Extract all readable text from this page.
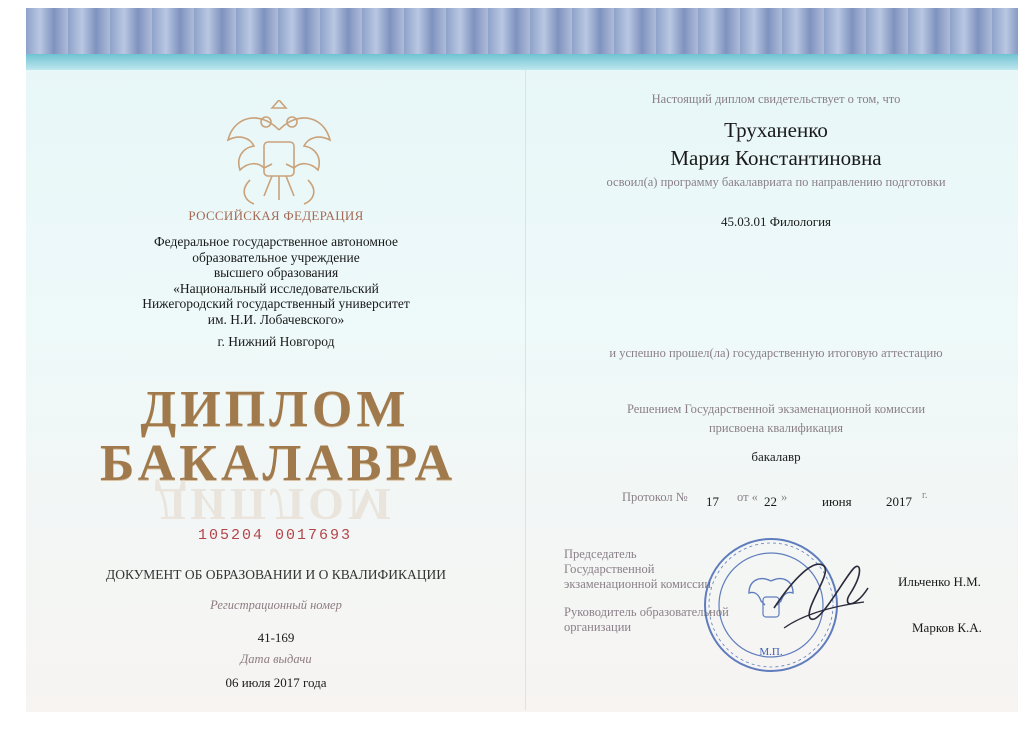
РОССИЙСКАЯ ФЕДЕРАЦИЯ
Федеральное государственное автономное
образовательное учреждение
высшего образования
«Национальный исследовательский
Нижегородский государственный университет
им. Н.И. Лобачевского»
г. Нижний Новгород
ДИПЛОМ
БАКАЛАВРА
ДИПЛОМ
105204 0017693
ДОКУМЕНТ ОБ ОБРАЗОВАНИИ И О КВАЛИФИКАЦИИ
Регистрационный номер
41-169
Дата выдачи
06 июля 2017 года
Настоящий диплом свидетельствует о том, что
Труханенко
Мария Константиновна
освоил(а) программу бакалавриата по направлению подготовки
45.03.01 Филология
и успешно прошел(ла) государственную итоговую аттестацию
Решением Государственной экзаменационной комиссии
присвоена квалификация
бакалавр
Протокол № 17 от « 22 »	июня	2017 г.
Председатель
Государственной
экзаменационной комиссии	Ильченко Н.М.
Руководитель образовательной
организации	Марков К.А.
М.П.
